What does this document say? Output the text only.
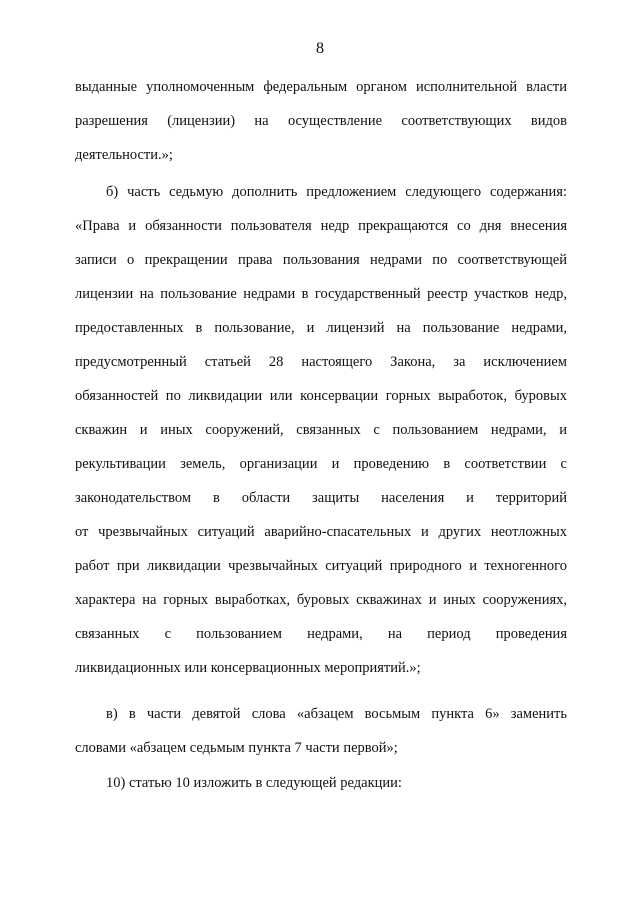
8
выданные уполномоченным федеральным органом исполнительной власти
разрешения (лицензии) на осуществление соответствующих видов
деятельности.»;
б) часть седьмую дополнить предложением следующего содержания:
«Права и обязанности пользователя недр прекращаются со дня внесения
записи о прекращении права пользования недрами по соответствующей
лицензии на пользование недрами в государственный реестр участков недр,
предоставленных в пользование, и лицензий на пользование недрами,
предусмотренный статьей 28 настоящего Закона, за исключением
обязанностей по ликвидации или консервации горных выработок, буровых
скважин и иных сооружений, связанных с пользованием недрами, и
рекультивации земель, организации и проведению в соответствии с
законодательством в области защиты населения и территорий
от чрезвычайных ситуаций аварийно-спасательных и других неотложных
работ при ликвидации чрезвычайных ситуаций природного и техногенного
характера на горных выработках, буровых скважинах и иных сооружениях,
связанных с пользованием недрами, на период проведения
ликвидационных или консервационных мероприятий.»;
в) в части девятой слова «абзацем восьмым пункта 6» заменить
словами «абзацем седьмым пункта 7 части первой»;
10) статью 10 изложить в следующей редакции:
